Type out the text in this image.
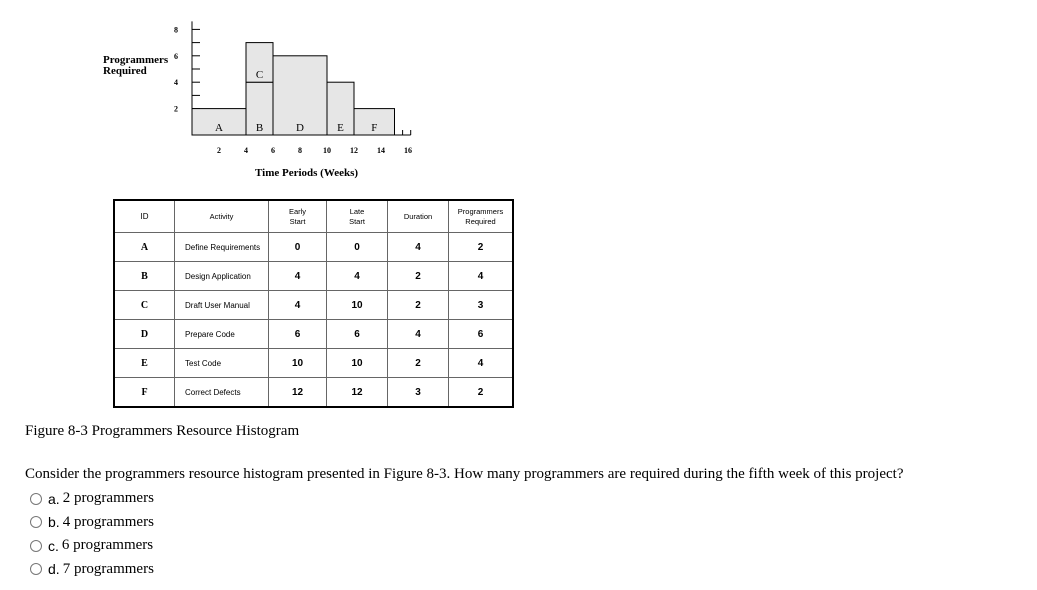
Programmers
Required
2
4
6
8
A	B
C
D	E F
2	4	6	8	10 12 14 16
Time Periods (Weeks)
ID	Activity	Early Start	Late Start	Duration	Programmers Required
A	Define Requirements	0	0	4	2
B	Design Application	4	4	2	4
C	Draft User Manual	4	10	2	3
D	Prepare Code	6	6	4	6
E	Test Code	10	10	2	4
F	Correct Defects	12	12	3	2
Figure 8-3 Programmers Resource Histogram
Consider the programmers resource histogram presented in Figure 8-3. How many programmers are required during the fifth week of this project?
a. 2 programmers
b. 4 programmers
c. 6 programmers
d. 7 programmers
